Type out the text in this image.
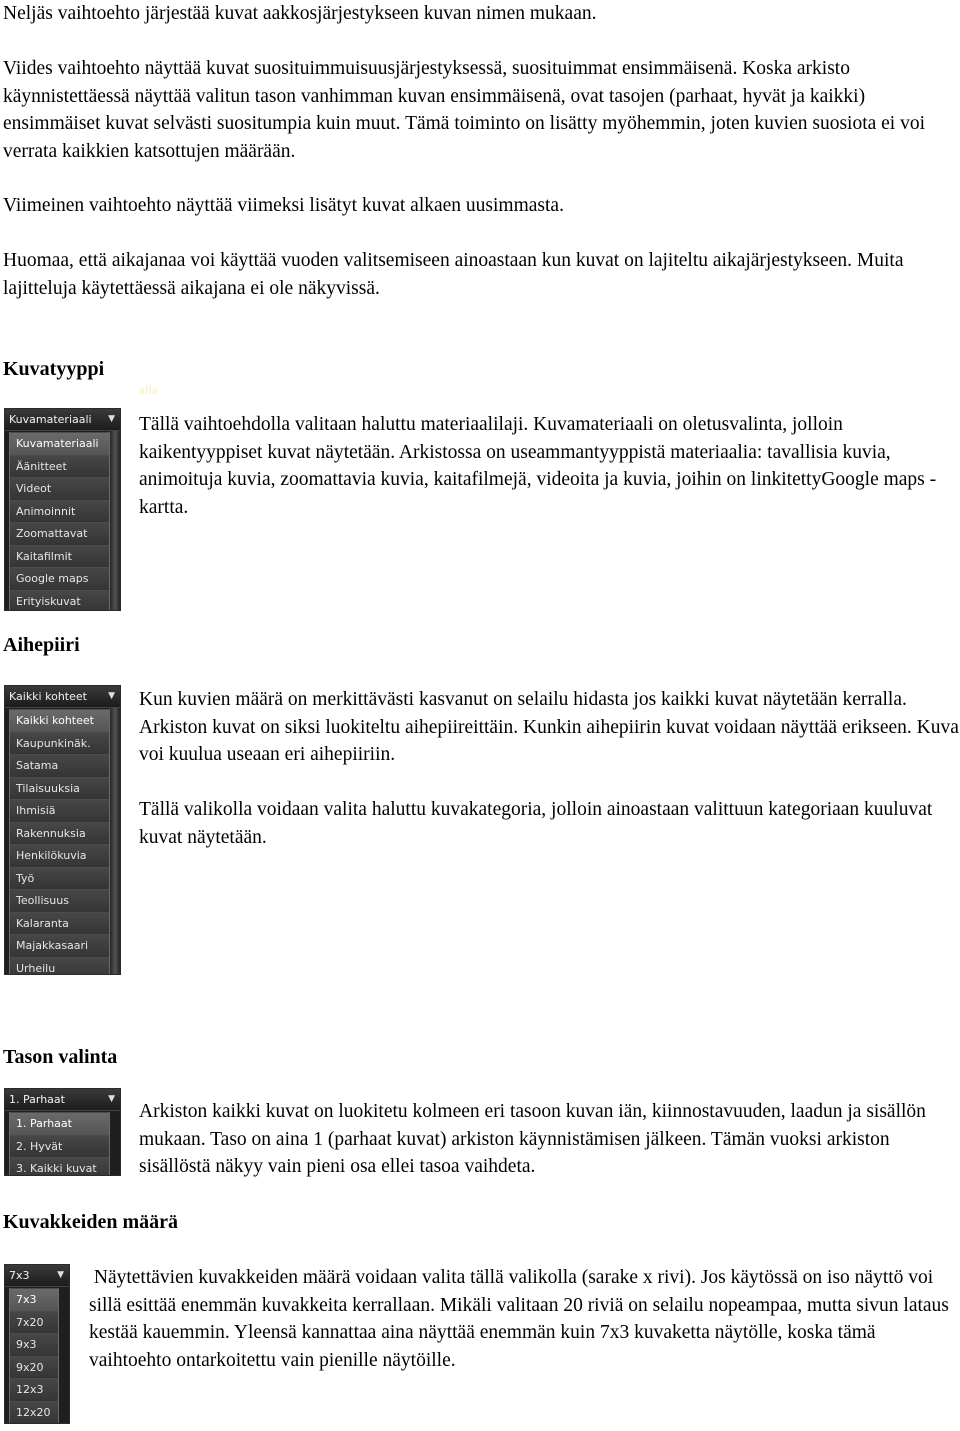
Neljäs vaihtoehto järjestää kuvat aakkosjärjestykseen kuvan nimen mukaan.

Viides vaihtoehto näyttää kuvat suosituimmuisuusjärjestyksessä, suosituimmat ensimmäisenä. Koska arkisto käynnistettäessä näyttää valitun tason vanhimman kuvan ensimmäisenä, ovat tasojen (parhaat, hyvät ja kaikki) ensimmäiset kuvat selvästi suositumpia kuin muut. Tämä toiminto on lisätty myöhemmin, joten kuvien suosiota ei voi verrata kaikkien katsottujen määrään.

Viimeinen vaihtoehto näyttää viimeksi lisätyt kuvat alkaen uusimmasta.

Huomaa, että aikajanaa voi käyttää vuoden valitsemiseen ainoastaan kun kuvat on lajiteltu aikajärjestykseen. Muita lajitteluja käytettäessä aikajana ei ole näkyvissä.

Kuvatyyppi
alla

Tällä vaihtoehdolla valitaan haluttu materiaalilaji. Kuvamateriaali on oletusvalinta, jolloin kaikentyyppiset kuvat näytetään. Arkistossa on useammantyyppistä materiaalia: tavallisia kuvia, animoituja kuvia, zoomattavia kuvia, kaitafilmejä, videoita ja kuvia, joihin on linkitettyGoogle maps -kartta.

Kuvamateriaali ▼
Kuvamateriaali
Äänitteet
Videot
Animoinnit
Zoomattavat
Kaitafilmit
Google maps
Erityiskuvat
Aihepiiri

Kun kuvien määrä on merkittävästi kasvanut on selailu hidasta jos kaikki kuvat näytetään kerralla. Arkiston kuvat on siksi luokiteltu aihepiireittäin. Kunkin aihepiirin kuvat voidaan näyttää erikseen. Kuva voi kuulua useaan eri aihepiiriin.

Tällä valikolla voidaan valita haluttu kuvakategoria, jolloin ainoastaan valittuun kategoriaan kuuluvat kuvat näytetään.

Kaikki kohteet ▼
Kaikki kohteet
Kaupunkinäk.
Satama
Tilaisuuksia
Ihmisiä
Rakennuksia
Henkilökuvia
Työ
Teollisuus
Kalaranta
Majakkasaari
Urheilu
Tason valinta

Arkiston kaikki kuvat on luokitetu kolmeen eri tasoon kuvan iän, kiinnostavuuden, laadun ja sisällön mukaan. Taso on aina 1 (parhaat kuvat) arkiston käynnistämisen jälkeen. Tämän vuoksi arkiston sisällöstä näkyy vain pieni osa ellei tasoa vaihdeta.

1. Parhaat	▼
1. Parhaat
2. Hyvät
3. Kaikki kuvat
Kuvakkeiden määrä

Näytettävien kuvakkeiden määrä voidaan valita tällä valikolla (sarake x rivi). Jos käytössä on iso näyttö voi sillä esittää enemmän kuvakkeita kerrallaan. Mikäli valitaan 20 riviä on selailu nopeampaa, mutta sivun lataus kestää kauemmin. Yleensä kannattaa aina näyttää enemmän kuin 7x3 kuvaketta näytölle, koska tämä vaihtoehto ontarkoitettu vain pienille näytöille.

7x3	▼
7x3
7x20
9x3
9x20
12x3
12x20
